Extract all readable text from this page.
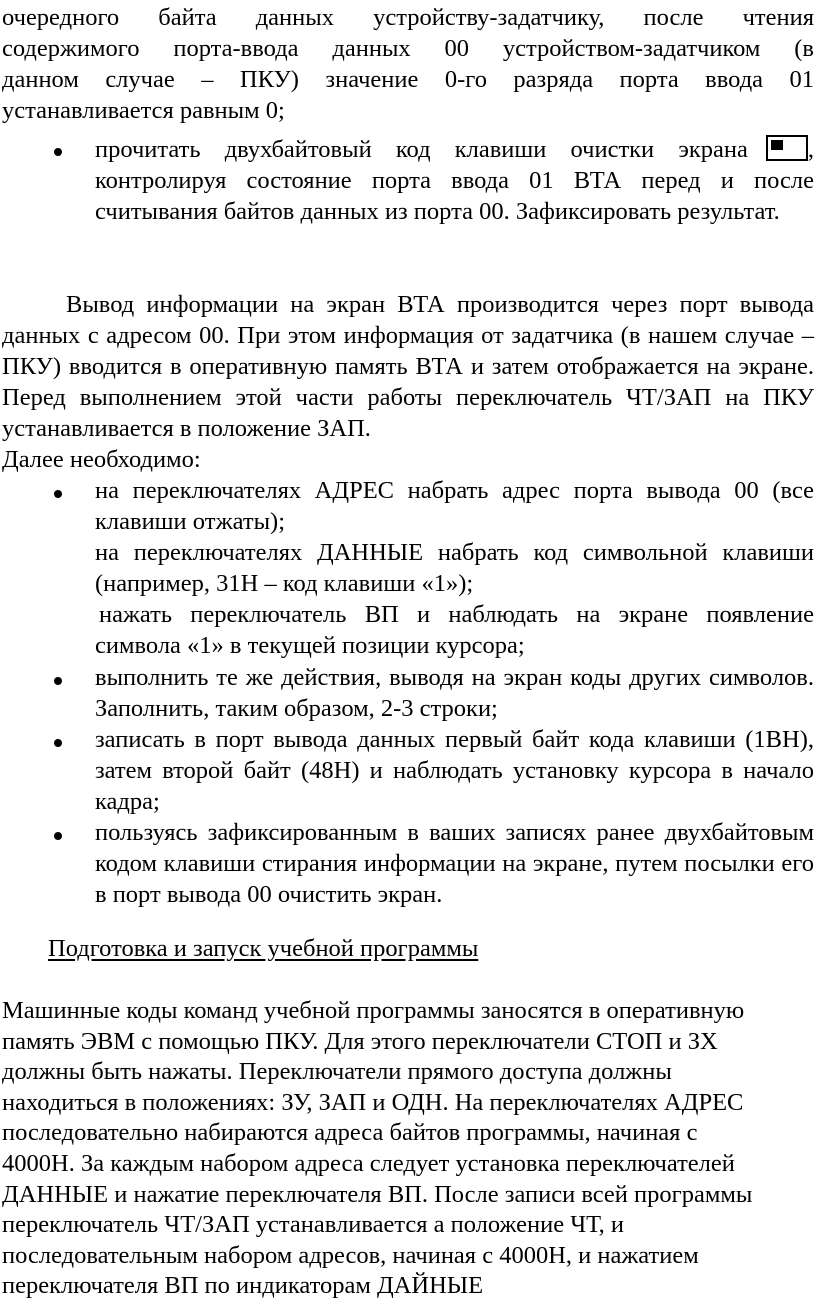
очередного байта данных устройству-задатчику, после чтения
содержимого порта-ввода данных 00 устройством-задатчиком (в
данном случае – ПКУ) значение 0-го разряда порта ввода 01
устанавливается равным 0;
прочитать двухбайтовый код клавиши очистки экрана ,
контролируя состояние порта ввода 01 ВТА перед и после считывания байтов данных из порта 00. Зафиксировать результат.
Вывод информации на экран ВТА производится через порт вывода данных с адресом 00. При этом информация от задатчика (в нашем случае – ПКУ) вводится в оперативную память ВТА и затем отображается на экране. Перед выполнением этой части работы переключатель ЧТ/ЗАП на ПКУ устанавливается в положение ЗАП.
Далее необходимо:
на переключателях АДРЕС набрать адрес порта вывода 00 (все клавиши отжаты);
на переключателях ДАННЫЕ набрать код символьной клавиши (например, 31Н – код клавиши «1»);
нажать переключатель ВП и наблюдать на экране появление символа «1» в текущей позиции курсора;
выполнить те же действия, выводя на экран коды других символов. Заполнить, таким образом, 2-3 строки;
записать в порт вывода данных первый байт кода клавиши (1ВН), затем второй байт (48Н) и наблюдать установку курсора в начало кадра;
пользуясь зафиксированным в ваших записях ранее двухбайтовым кодом клавиши стирания информации на экране, путем посылки его в порт вывода 00 очистить экран.
Подготовка и запуск учебной программы
Машинные коды команд учебной программы заносятся в оперативную
память ЭВМ с помощью ПКУ. Для этого переключатели СТОП и ЗХ
должны быть нажаты. Переключатели прямого доступа должны
находиться в положениях: ЗУ, ЗАП и ОДН. На переключателях АДРЕС
последовательно набираются адреса байтов программы, начиная с
4000Н. За каждым набором адреса следует установка переключателей
ДАННЫЕ и нажатие переключателя ВП. После записи всей программы
переключатель ЧТ/ЗАП устанавливается а положение ЧТ, и
последовательным набором адресов, начиная с 4000Н, и нажатием
переключателя ВП по индикаторам ДАЙНЫЕ
